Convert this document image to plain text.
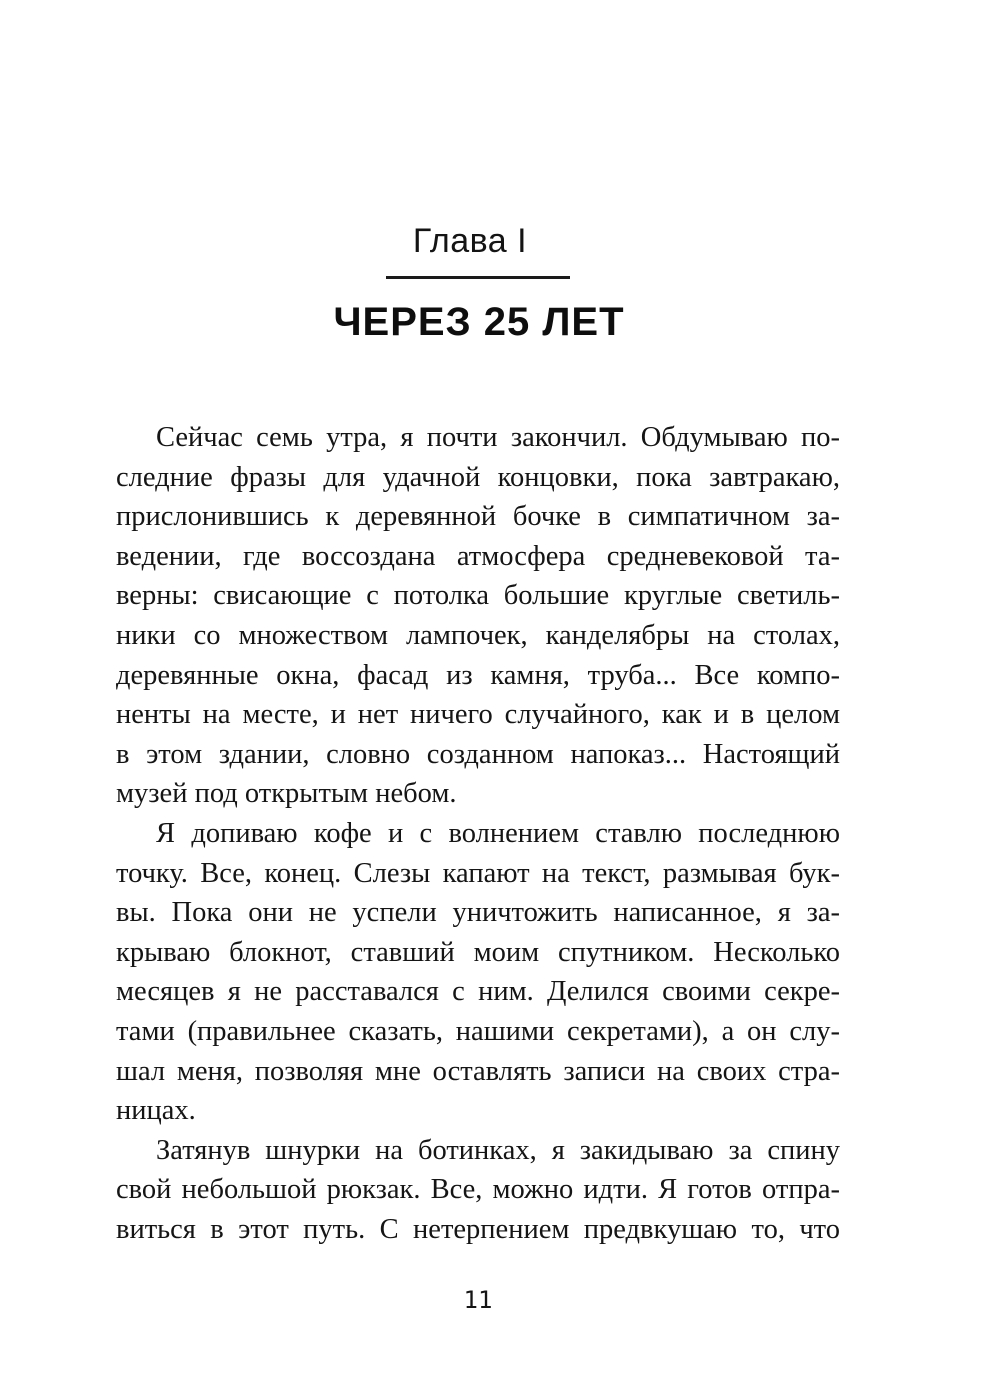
Глава I
ЧЕРЕЗ 25 ЛЕТ
Сейчас семь утра, я почти закончил. Обдумываю по-
следние фразы для удачной концовки, пока завтракаю,
прислонившись к деревянной бочке в симпатичном за-
ведении, где воссоздана атмосфера средневековой та-
верны: свисающие с потолка большие круглые светиль-
ники со множеством лампочек, канделябры на столах,
деревянные окна, фасад из камня, труба... Все компо-
ненты на месте, и нет ничего случайного, как и в целом
в этом здании, словно созданном напоказ... Настоящий
музей под открытым небом.
Я допиваю кофе и с волнением ставлю последнюю
точку. Все, конец. Слезы капают на текст, размывая бук-
вы. Пока они не успели уничтожить написанное, я за-
крываю блокнот, ставший моим спутником. Несколько
месяцев я не расставался с ним. Делился своими секре-
тами (правильнее сказать, нашими секретами), а он слу-
шал меня, позволяя мне оставлять записи на своих стра-
ницах.
Затянув шнурки на ботинках, я закидываю за спину
свой небольшой рюкзак. Все, можно идти. Я готов отпра-
виться в этот путь. С нетерпением предвкушаю то, что
11
